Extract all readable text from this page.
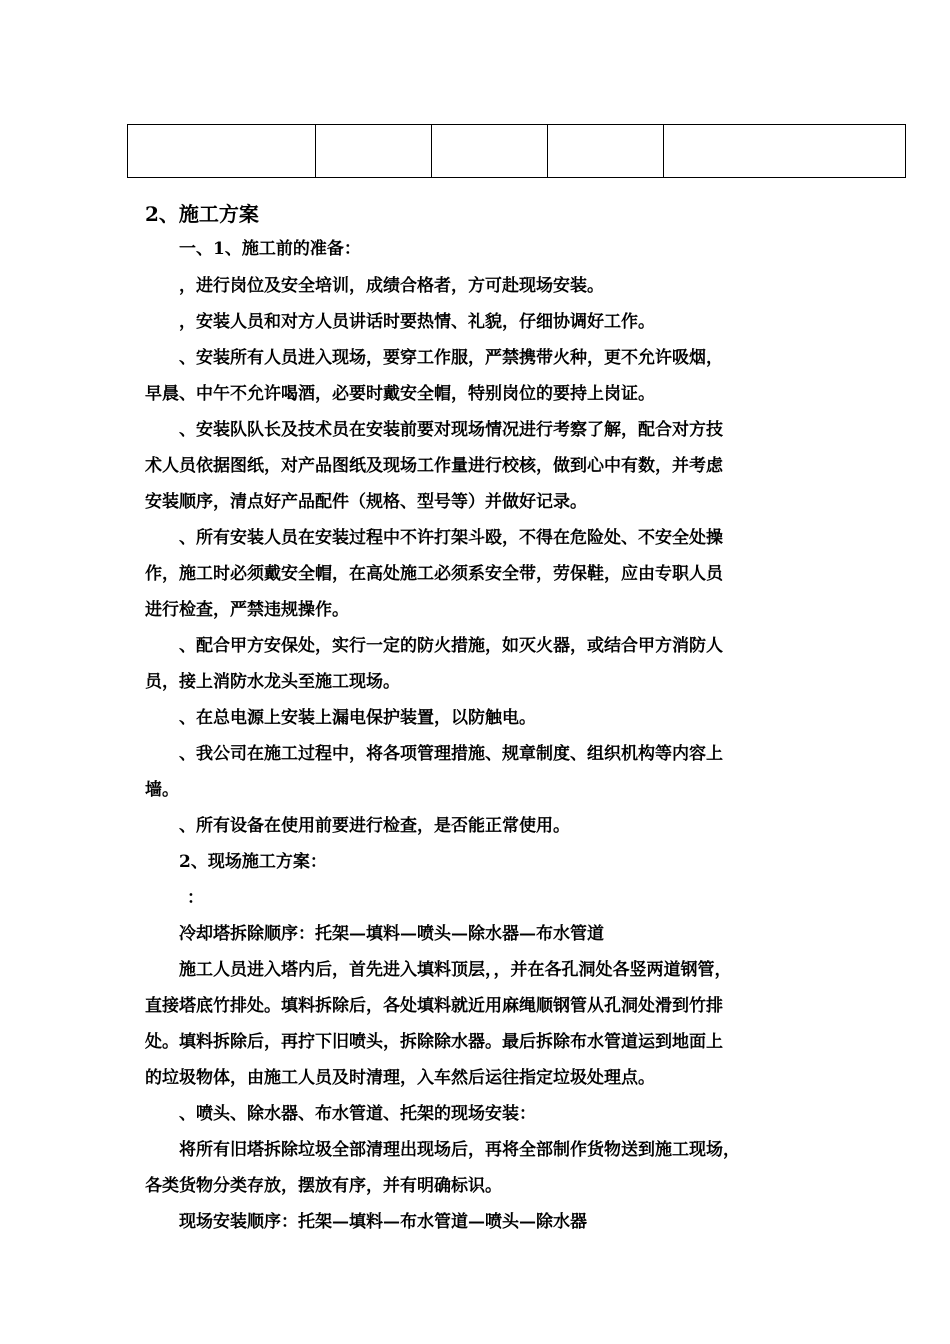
2、施工方案

一、1、施工前的准备：

，进行岗位及安全培训，成绩合格者，方可赴现场安装。

，安装人员和对方人员讲话时要热情、礼貌，仔细协调好工作。

、安装所有人员进入现场，要穿工作服，严禁携带火种，更不允许吸烟，

早晨、中午不允许喝酒，必要时戴安全帽，特别岗位的要持上岗证。

、安装队队长及技术员在安装前要对现场情况进行考察了解，配合对方技

术人员依据图纸，对产品图纸及现场工作量进行校核，做到心中有数，并考虑

安装顺序，清点好产品配件（规格、型号等）并做好记录。

、所有安装人员在安装过程中不许打架斗殴，不得在危险处、不安全处操

作，施工时必须戴安全帽，在高处施工必须系安全带，劳保鞋，应由专职人员

进行检查，严禁违规操作。

、配合甲方安保处，实行一定的防火措施，如灭火器，或结合甲方消防人

员，接上消防水龙头至施工现场。

、在总电源上安装上漏电保护装置，以防触电。

、我公司在施工过程中，将各项管理措施、规章制度、组织机构等内容上

墙。

、所有设备在使用前要进行检查，是否能正常使用。

2、现场施工方案：

：

冷却塔拆除顺序：托架—填料—喷头—除水器—布水管道

施工人员进入塔内后，首先进入填料顶层，，并在各孔洞处各竖两道钢管，

直接塔底竹排处。填料拆除后，各处填料就近用麻绳顺钢管从孔洞处滑到竹排

处。填料拆除后，再拧下旧喷头，拆除除水器。最后拆除布水管道运到地面上

的垃圾物体，由施工人员及时清理，入车然后运往指定垃圾处理点。

、喷头、除水器、布水管道、托架的现场安装：

将所有旧塔拆除垃圾全部清理出现场后，再将全部制作货物送到施工现场，

各类货物分类存放，摆放有序，并有明确标识。

现场安装顺序：托架—填料—布水管道—喷头—除水器
